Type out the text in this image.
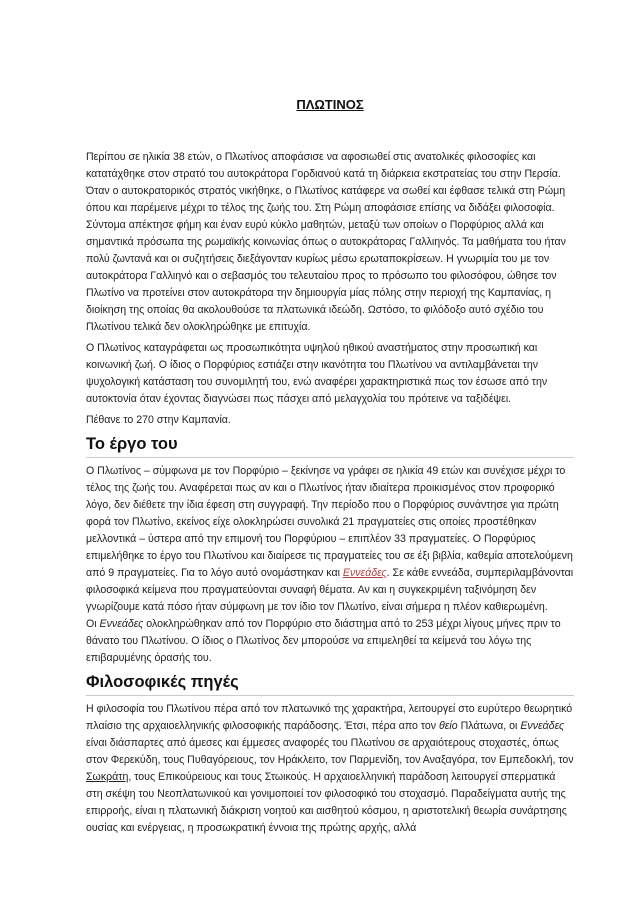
ΠΛΩΤΙΝΟΣ

Περίπου σε ηλικία 38 ετών, ο Πλωτίνος αποφάσισε να αφοσιωθεί στις ανατολικές φιλοσοφίες και κατατάχθηκε στον στρατό του αυτοκράτορα Γορδιανού κατά τη διάρκεια εκστρατείας του στην Περσία. Όταν ο αυτοκρατορικός στρατός νικήθηκε, ο Πλωτίνος κατάφερε να σωθεί και έφθασε τελικά στη Ρώμη όπου και παρέμεινε μέχρι το τέλος της ζωής του. Στη Ρώμη αποφάσισε επίσης να διδάξει φιλοσοφία. Σύντομα απέκτησε φήμη και έναν ευρύ κύκλο μαθητών, μεταξύ των οποίων ο Πορφύριος αλλά και σημαντικά πρόσωπα της ρωμαϊκής κοινωνίας όπως ο αυτοκράτορας Γαλλιηνός. Τα μαθήματα του ήταν πολύ ζωντανά και οι συζητήσεις διεξάγονταν κυρίως μέσω ερωταποκρίσεων. Η γνωριμία του με τον αυτοκράτορα Γαλλιηνό και ο σεβασμός του τελευταίου προς το πρόσωπο του φιλοσόφου, ώθησε τον Πλωτίνο να προτείνει στον αυτοκράτορα την δημιουργία μίας πόλης στην περιοχή της Καμπανίας, η διοίκηση της οποίας θα ακολουθούσε τα πλατωνικά ιδεώδη. Ωστόσο, το φιλόδοξο αυτό σχέδιο του Πλωτίνου τελικά δεν ολοκληρώθηκε με επιτυχία.

Ο Πλωτίνος καταγράφεται ως προσωπικότητα υψηλού ηθικού αναστήματος στην προσωπική και κοινωνική ζωή. Ο ίδιος ο Πορφύριος εστιάζει στην ικανότητα του Πλωτίνου να αντιλαμβάνεται την ψυχολογική κατάσταση του συνομιλητή του, ενώ αναφέρει χαρακτηριστικά πως τον έσωσε από την αυτοκτονία όταν έχοντας διαγνώσει πως πάσχει από μελαγχολία του πρότεινε να ταξιδέψει.

Πέθανε το 270 στην Καμπανία.

Το έργο του

Ο Πλωτίνος – σύμφωνα με τον Πορφύριο – ξεκίνησε να γράφει σε ηλικία 49 ετών και συνέχισε μέχρι το τέλος της ζωής του. Αναφέρεται πως αν και ο Πλωτίνος ήταν ιδιαίτερα προικισμένος στον προφορικό λόγο, δεν διέθετε την ίδια έφεση στη συγγραφή. Την περίοδο που ο Πορφύριος συνάντησε για πρώτη φορά τον Πλωτίνο, εκείνος είχε ολοκληρώσει συνολικά 21 πραγματείες στις οποίες προστέθηκαν μελλοντικά – ύστερα από την επιμονή του Πορφύριου – επιπλέον 33 πραγματείες. Ο Πορφύριος επιμελήθηκε το έργο του Πλωτίνου και διαίρεσε τις πραγματείες του σε έξι βιβλία, καθεμία αποτελούμενη από 9 πραγματείες. Για το λόγο αυτό ονομάστηκαν και Εννεάδες. Σε κάθε εννεάδα, συμπεριλαμβάνονται φιλοσοφικά κείμενα που πραγματεύονται συναφή θέματα. Αν και η συγκεκριμένη ταξινόμηση δεν γνωρίζουμε κατά πόσο ήταν σύμφωνη με τον ίδιο τον Πλωτίνο, είναι σήμερα η πλέον καθιερωμένη.

Οι Εννεάδες ολοκληρώθηκαν από τον Πορφύριο στο διάστημα από το 253 μέχρι λίγους μήνες πριν το θάνατο του Πλωτίνου. Ο ίδιος ο Πλωτίνος δεν μπορούσε να επιμεληθεί τα κείμενά του λόγω της επιβαρυμένης όρασής του.

Φιλοσοφικές πηγές

Η φιλοσοφία του Πλωτίνου πέρα από τον πλατωνικό της χαρακτήρα, λειτουργεί στο ευρύτερο θεωρητικό πλαίσιο της αρχαιοελληνικής φιλοσοφικής παράδοσης. Έτσι, πέρα απο τον θείο Πλάτωνα, οι Εννεάδες είναι διάσπαρτες από άμεσες και έμμεσες αναφορές του Πλωτίνου σε αρχαιότερους στοχαστές, όπως στον Φερεκύδη, τους Πυθαγόρειους, τον Ηράκλειτο, τον Παρμενίδη, τον Αναξαγόρα, τον Εμπεδοκλή, τον Σωκράτη, τους Επικούρειους και τους Στωικούς. Η αρχαιοελληνική παράδοση λειτουργεί σπερματικά στη σκέψη του Νεοπλατωνικού και γονιμοποιεί τον φιλοσοφικό του στοχασμό. Παραδείγματα αυτής της επιρροής, είναι η πλατωνική διάκριση νοητού και αισθητού κόσμου, η αριστοτελική θεωρία συνάρτησης ουσίας και ενέργειας, η προσωκρατική έννοια της πρώτης αρχής, αλλά
